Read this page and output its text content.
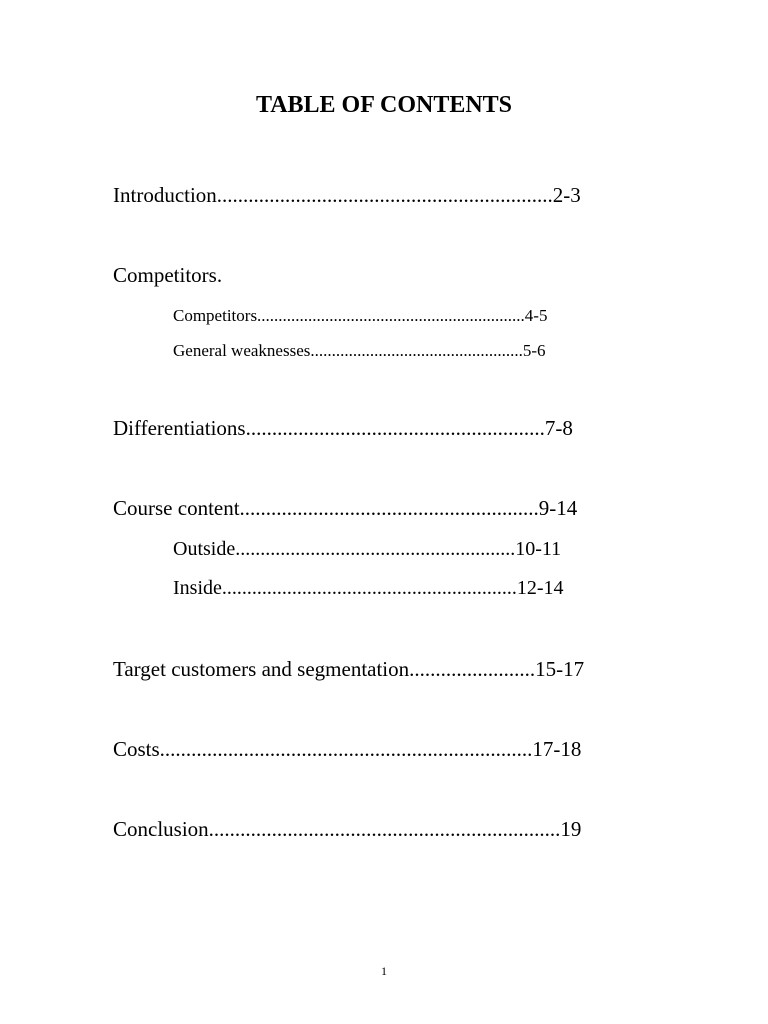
TABLE OF CONTENTS
Introduction................................................................2-3
Competitors.
Competitors...............................................................4-5
General weaknesses..................................................5-6
Differentiations.........................................................7-8
Course content.........................................................9-14
Outside........................................................10-11
Inside...........................................................12-14
Target customers and segmentation........................15-17
Costs.......................................................................17-18
Conclusion...................................................................19
1
